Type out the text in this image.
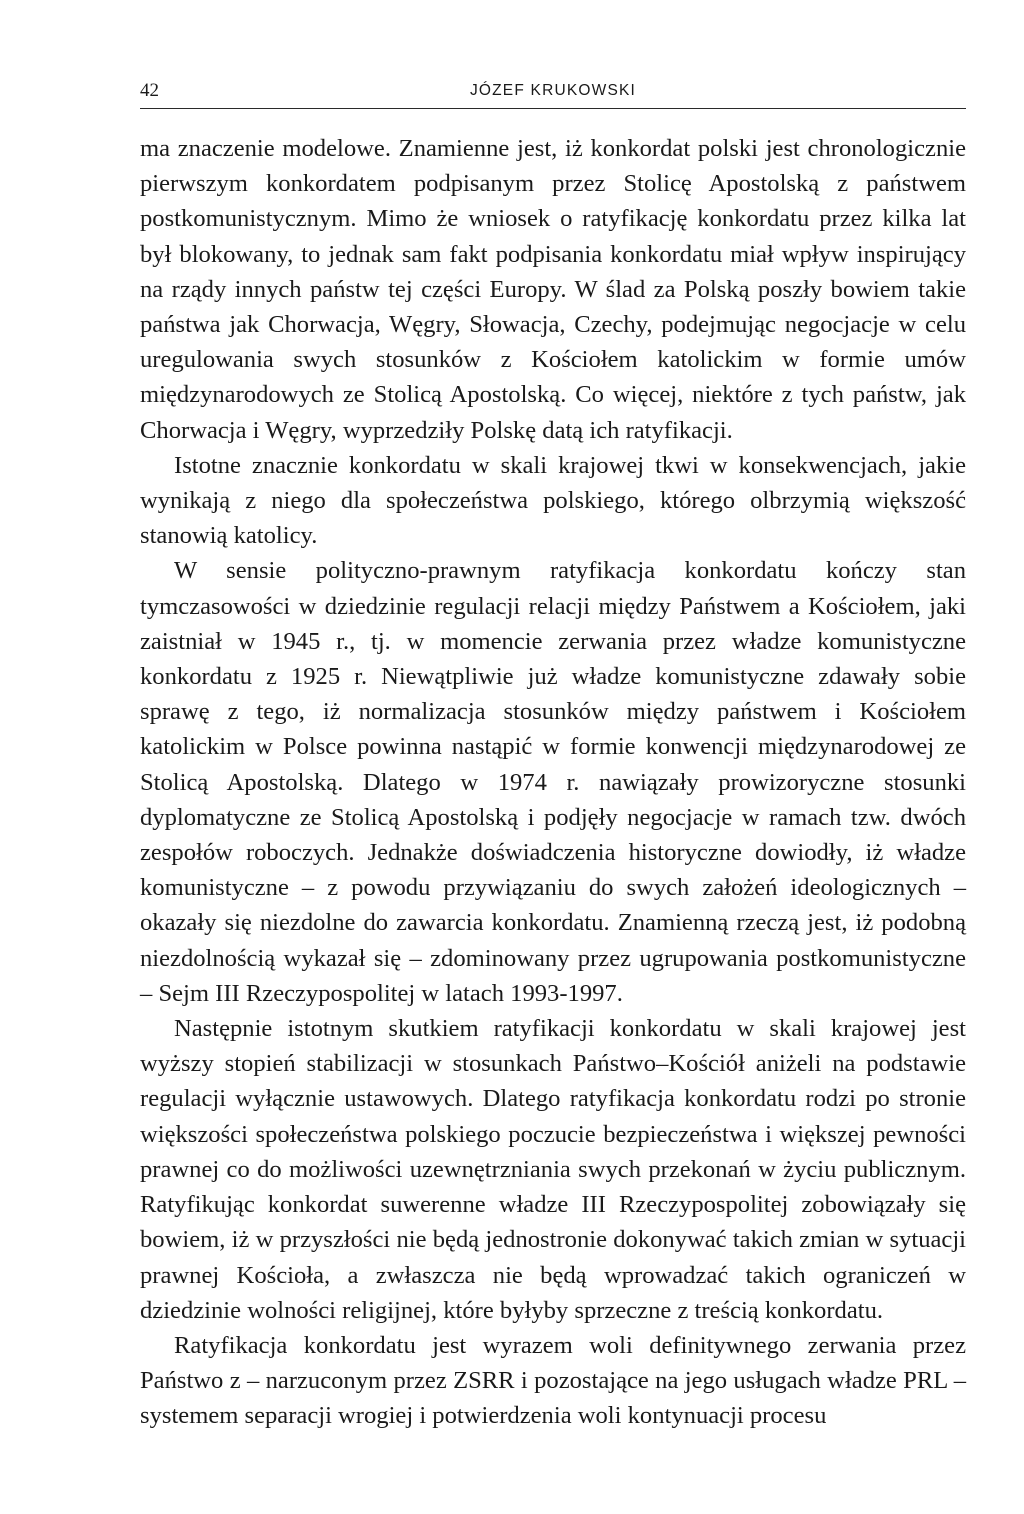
42	JÓZEF KRUKOWSKI

ma znaczenie modelowe. Znamienne jest, iż konkordat polski jest chronologicznie pierwszym konkordatem podpisanym przez Stolicę Apostolską z państwem postkomunistycznym. Mimo że wniosek o ratyfikację konkordatu przez kilka lat był blokowany, to jednak sam fakt podpisania konkordatu miał wpływ inspirujący na rządy innych państw tej części Europy. W ślad za Polską poszły bowiem takie państwa jak Chorwacja, Węgry, Słowacja, Czechy, podejmując negocjacje w celu uregulowania swych stosunków z Kościołem katolickim w formie umów międzynarodowych ze Stolicą Apostolską. Co więcej, niektóre z tych państw, jak Chorwacja i Węgry, wyprzedziły Polskę datą ich ratyfikacji.

Istotne znacznie konkordatu w skali krajowej tkwi w konsekwencjach, jakie wynikają z niego dla społeczeństwa polskiego, którego olbrzymią większość stanowią katolicy.

W sensie polityczno-prawnym ratyfikacja konkordatu kończy stan tymczasowości w dziedzinie regulacji relacji między Państwem a Kościołem, jaki zaistniał w 1945 r., tj. w momencie zerwania przez władze komunistyczne konkordatu z 1925 r. Niewątpliwie już władze komunistyczne zdawały sobie sprawę z tego, iż normalizacja stosunków między państwem i Kościołem katolickim w Polsce powinna nastąpić w formie konwencji międzynarodowej ze Stolicą Apostolską. Dlatego w 1974 r. nawiązały prowizoryczne stosunki dyplomatyczne ze Stolicą Apostolską i podjęły negocjacje w ramach tzw. dwóch zespołów roboczych. Jednakże doświadczenia historyczne dowiodły, iż władze komunistyczne – z powodu przywiązaniu do swych założeń ideologicznych – okazały się niezdolne do zawarcia konkordatu. Znamienną rzeczą jest, iż podobną niezdolnością wykazał się – zdominowany przez ugrupowania postkomunistyczne – Sejm III Rzeczypospolitej w latach 1993-1997.

Następnie istotnym skutkiem ratyfikacji konkordatu w skali krajowej jest wyższy stopień stabilizacji w stosunkach Państwo–Kościół aniżeli na podstawie regulacji wyłącznie ustawowych. Dlatego ratyfikacja konkordatu rodzi po stronie większości społeczeństwa polskiego poczucie bezpieczeństwa i większej pewności prawnej co do możliwości uzewnętrzniania swych przekonań w życiu publicznym. Ratyfikując konkordat suwerenne władze III Rzeczypospolitej zobowiązały się bowiem, iż w przyszłości nie będą jednostronie dokonywać takich zmian w sytuacji prawnej Kościoła, a zwłaszcza nie będą wprowadzać takich ograniczeń w dziedzinie wolności religijnej, które byłyby sprzeczne z treścią konkordatu.

Ratyfikacja konkordatu jest wyrazem woli definitywnego zerwania przez Państwo z – narzuconym przez ZSRR i pozostające na jego usługach władze PRL – systemem separacji wrogiej i potwierdzenia woli kontynuacji procesu
